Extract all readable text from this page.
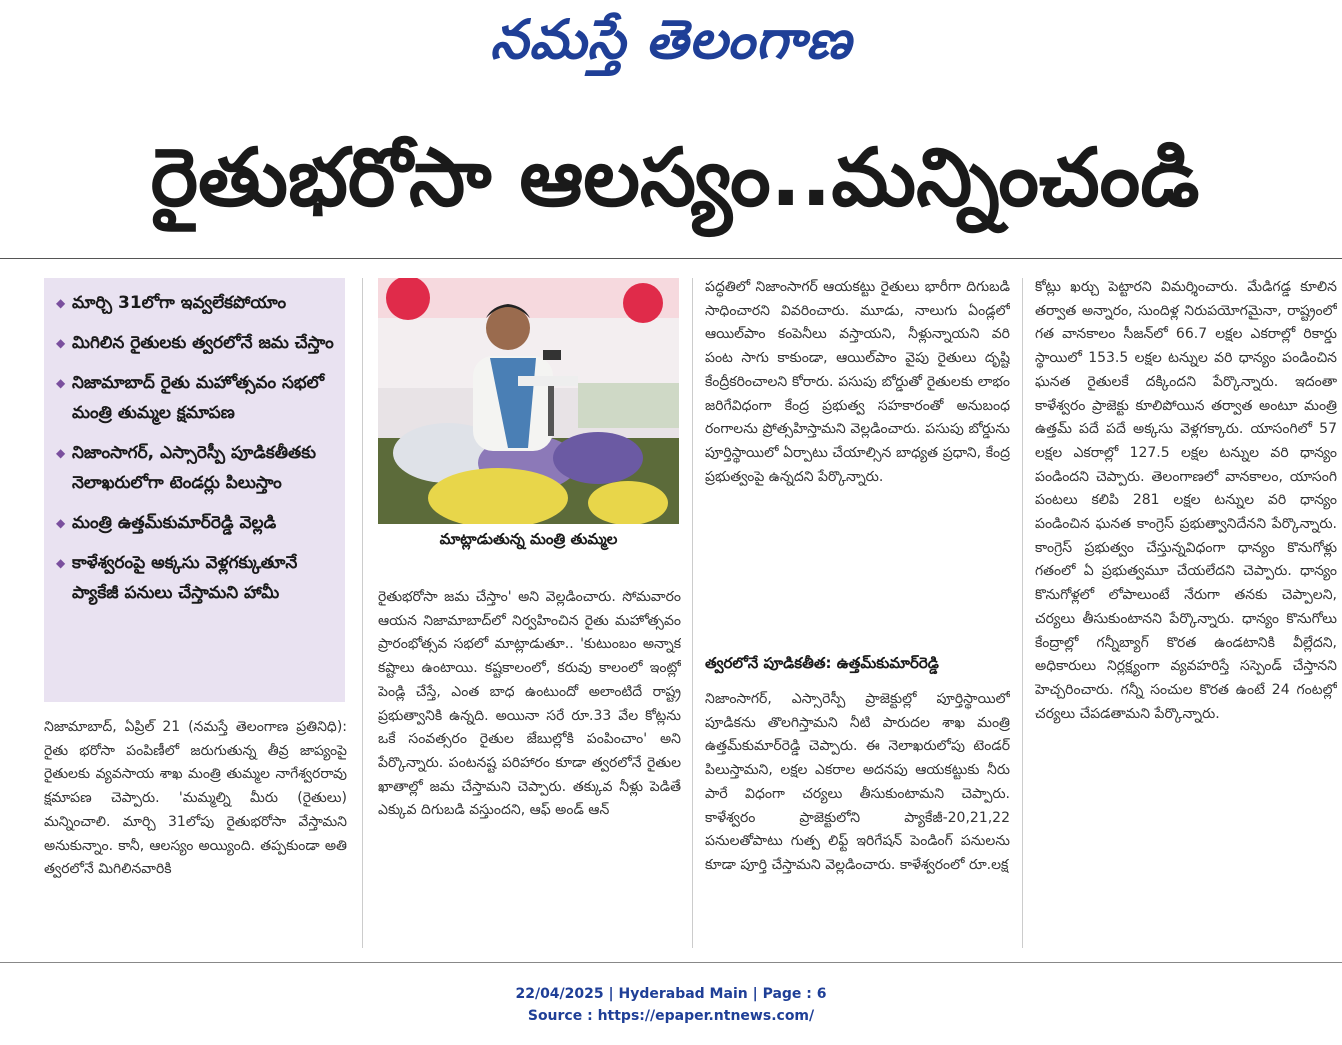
నమస్తే తెలంగాణ
రైతుభరోసా ఆలస్యం..మన్నించండి
◆ మార్చి 31లోగా ఇవ్వలేకపోయాం
◆ మిగిలిన రైతులకు త్వరలోనే జమ చేస్తాం
◆ నిజామాబాద్ రైతు మహోత్సవం సభలో మంత్రి తుమ్మల క్షమాపణ
◆ నిజాంసాగర్, ఎస్సారెస్పీ పూడికతీతకు నెలాఖరులోగా టెండర్లు పిలుస్తాం
◆ మంత్రి ఉత్తమ్‌కుమార్‌రెడ్డి వెల్లడి
◆ కాళేశ్వరంపై అక్కసు వెళ్లగక్కుతూనే ప్యాకేజీ పనులు చేస్తామని హామీ
మాట్లాడుతున్న మంత్రి తుమ్మల

నిజామాబాద్, ఏప్రిల్ 21 (నమస్తే తెలంగాణ ప్రతినిధి): రైతు భరోసా పంపిణీలో జరుగుతున్న తీవ్ర జాప్యంపై రైతులకు వ్యవసాయ శాఖ మంత్రి తుమ్మల నాగేశ్వరరావు క్షమాపణ చెప్పారు. 'మమ్మల్ని మీరు (రైతులు) మన్నించాలి. మార్చి 31లోపు రైతుభరోసా వేస్తామని అనుకున్నాం. కానీ, ఆలస్యం అయ్యింది. తప్పకుండా అతి త్వరలోనే మిగిలినవారికి

రైతుభరోసా జమ చేస్తాం' అని వెల్లడించారు. సోమవారం ఆయన నిజామాబాద్‌లో నిర్వహించిన రైతు మహోత్సవం ప్రారంభోత్సవ సభలో మాట్లాడుతూ.. 'కుటుంబం అన్నాక కష్టాలు ఉంటాయి. కష్టకాలంలో, కరువు కాలంలో ఇంట్లో పెండ్లి చేస్తే, ఎంత బాధ ఉంటుందో అలాంటిదే రాష్ట్ర ప్రభుత్వానికి ఉన్నది. అయినా సరే రూ.33 వేల కోట్లను ఒకే సంవత్సరం రైతుల జేబుల్లోకి పంపించాం' అని పేర్కొన్నారు. పంటనష్ట పరిహారం కూడా త్వరలోనే రైతుల ఖాతాల్లో జమ చేస్తామని చెప్పారు. తక్కువ నీళ్లు పెడితే ఎక్కువ దిగుబడి వస్తుందని, ఆఫ్ అండ్ ఆన్

పద్ధతిలో నిజాంసాగర్ ఆయకట్టు రైతులు భారీగా దిగుబడి సాధించారని వివరించారు. మూడు, నాలుగు ఏండ్లలో ఆయిల్‌పాం కంపెనీలు వస్తాయని, నీళ్లున్నాయని వరి పంట సాగు కాకుండా, ఆయిల్‌పాం వైపు రైతులు దృష్టి కేంద్రీకరించాలని కోరారు. పసుపు బోర్డుతో రైతులకు లాభం జరిగేవిధంగా కేంద్ర ప్రభుత్వ సహకారంతో అనుబంధ రంగాలను ప్రోత్సహిస్తామని వెల్లడించారు. పసుపు బోర్డును పూర్తిస్థాయిలో ఏర్పాటు చేయాల్సిన బాధ్యత ప్రధాని, కేంద్ర ప్రభుత్వంపై ఉన్నదని పేర్కొన్నారు.

త్వరలోనే పూడికతీత: ఉత్తమ్‌కుమార్‌రెడ్డి

నిజాంసాగర్, ఎస్సారెస్పీ ప్రాజెక్టుల్లో పూర్తిస్థాయిలో పూడికను తొలగిస్తామని నీటి పారుదల శాఖ మంత్రి ఉత్తమ్‌కుమార్‌రెడ్డి చెప్పారు. ఈ నెలాఖరులోపు టెండర్ పిలుస్తామని, లక్షల ఎకరాల అదనపు ఆయకట్టుకు నీరు పారే విధంగా చర్యలు తీసుకుంటామని చెప్పారు. కాళేశ్వరం ప్రాజెక్టులోని ప్యాకేజీ-20,21,22 పనులతోపాటు గుత్ప లిఫ్ట్ ఇరిగేషన్ పెండింగ్ పనులను కూడా పూర్తి చేస్తామని వెల్లడించారు. కాళేశ్వరంలో రూ.లక్ష

కోట్లు ఖర్చు పెట్టారని విమర్శించారు. మేడిగడ్డ కూలిన తర్వాత అన్నారం, సుందిళ్ల నిరుపయోగమైనా, రాష్ట్రంలో గత వానకాలం సీజన్‌లో 66.7 లక్షల ఎకరాల్లో రికార్డు స్థాయిలో 153.5 లక్షల టన్నుల వరి ధాన్యం పండించిన ఘనత రైతులకే దక్కిందని పేర్కొన్నారు. ఇదంతా కాళేశ్వరం ప్రాజెక్టు కూలిపోయిన తర్వాత అంటూ మంత్రి ఉత్తమ్ పదే పదే అక్కసు వెళ్లగక్కారు. యాసంగిలో 57 లక్షల ఎకరాల్లో 127.5 లక్షల టన్నుల వరి ధాన్యం పండిందని చెప్పారు. తెలంగాణలో వానకాలం, యాసంగి పంటలు కలిపి 281 లక్షల టన్నుల వరి ధాన్యం పండించిన ఘనత కాంగ్రెస్ ప్రభుత్వానిదేనని పేర్కొన్నారు. కాంగ్రెస్ ప్రభుత్వం చేస్తున్నవిధంగా ధాన్యం కొనుగోళ్లు గతంలో ఏ ప్రభుత్వమూ చేయలేదని చెప్పారు. ధాన్యం కొనుగోళ్లలో లోపాలుంటే నేరుగా తనకు చెప్పాలని, చర్యలు తీసుకుంటానని పేర్కొన్నారు. ధాన్యం కొనుగోలు కేంద్రాల్లో గన్నీబ్యాగ్ కొరత ఉండటానికి వీల్లేదని, అధికారులు నిర్లక్ష్యంగా వ్యవహరిస్తే సస్పెండ్ చేస్తానని హెచ్చరించారు. గన్నీ సంచుల కొరత ఉంటే 24 గంటల్లో చర్యలు చేపడతామని పేర్కొన్నారు.

22/04/2025 | Hyderabad Main | Page : 6
Source : https://epaper.ntnews.com/
